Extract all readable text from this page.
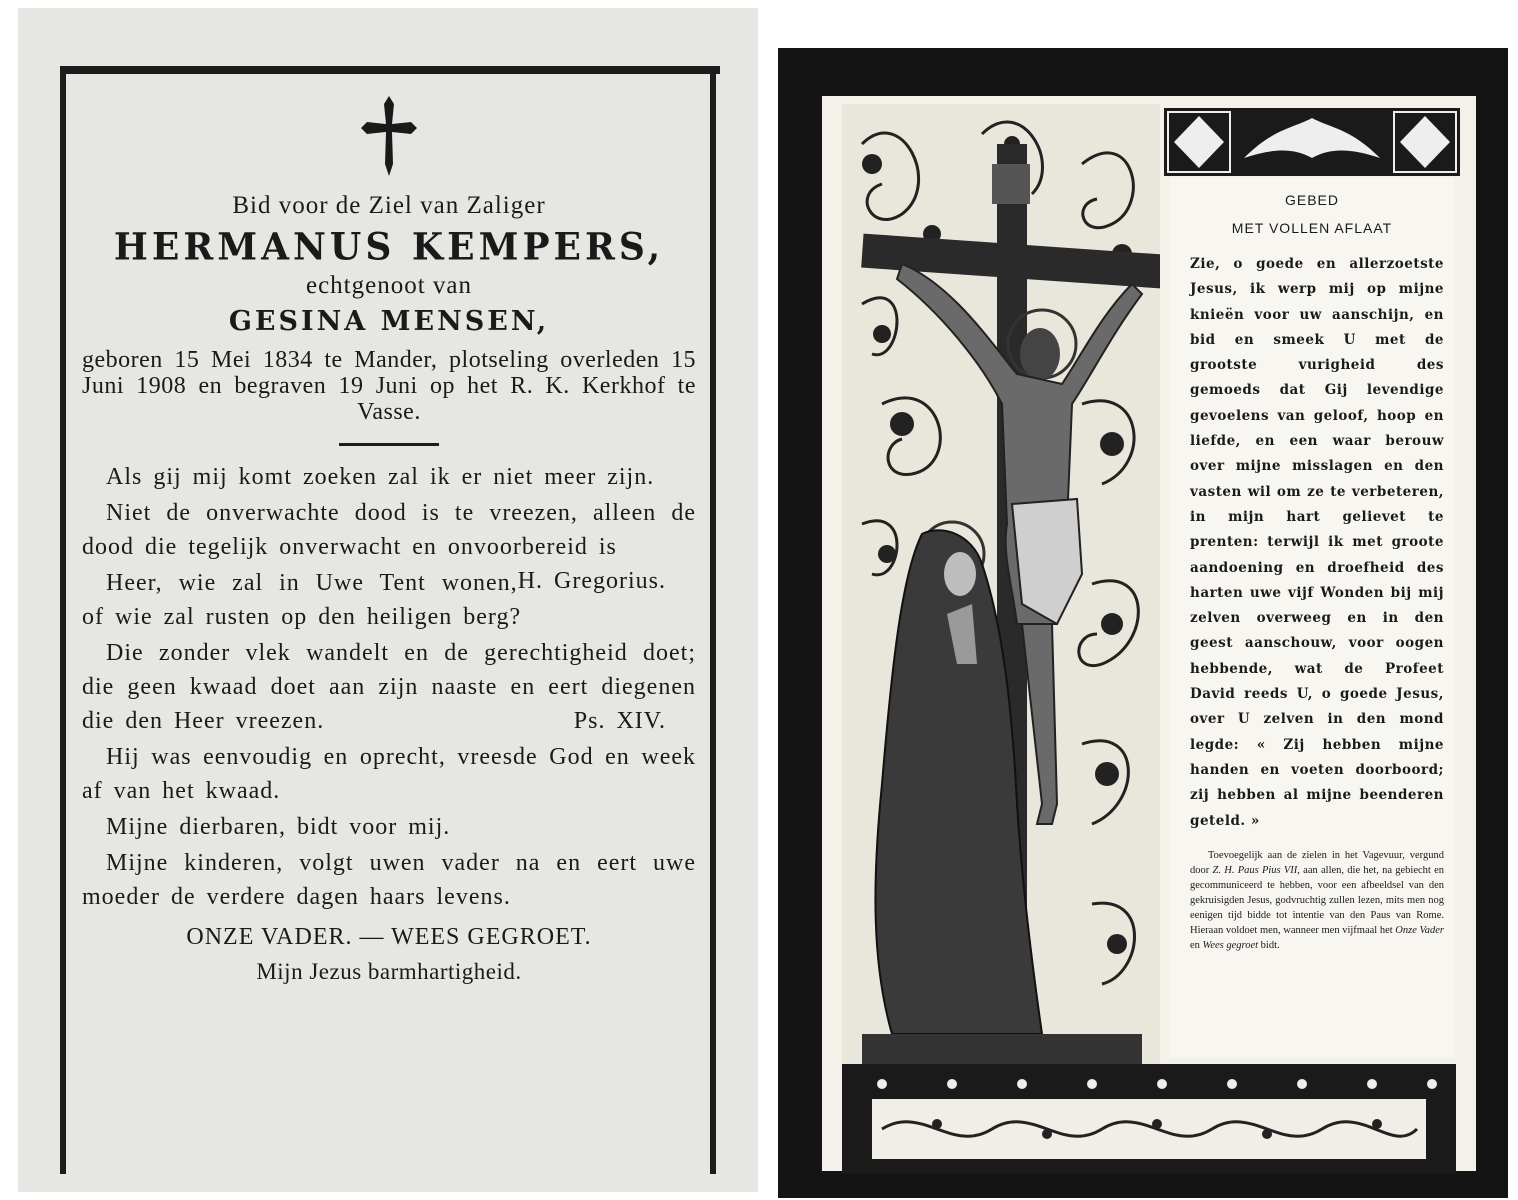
Bid voor de Ziel van Zaliger
HERMANUS KEMPERS,
echtgenoot van
GESINA MENSEN,
geboren 15 Mei 1834 te Mander, plotseling overleden 15 Juni 1908 en begraven 19 Juni op het R. K. Kerkhof te Vasse.
Als gij mij komt zoeken zal ik er niet meer zijn.
Niet de onverwachte dood is te vreezen, alleen de dood die tegelijk onverwacht en onvoorbereid is
H. Gregorius.
Heer, wie zal in Uwe Tent wonen, of wie zal rusten op den heiligen berg?
Die zonder vlek wandelt en de gerechtigheid doet; die geen kwaad doet aan zijn naaste en eert diegenen die den Heer vreezen.	Ps. XIV.
Hij was eenvoudig en oprecht, vreesde God en week af van het kwaad.
Mijne dierbaren, bidt voor mij.
Mijne kinderen, volgt uwen vader na en eert uwe moeder de verdere dagen haars levens.
ONZE VADER. — WEES GEGROET.
Mijn Jezus barmhartigheid.
GEBED
MET VOLLEN AFLAAT
Zie, o goede en allerzoetste Jesus, ik werp mij op mijne knieën voor uw aanschijn, en bid en smeek U met de grootste vurigheid des gemoeds dat Gij levendige gevoelens van geloof, hoop en liefde, en een waar berouw over mijne misslagen en den vasten wil om ze te verbeteren, in mijn hart gelievet te prenten: terwijl ik met groote aandoening en droefheid des harten uwe vijf Wonden bij mij zelven overweeg en in den geest aanschouw, voor oogen hebbende, wat de Profeet David reeds U, o goede Jesus, over U zelven in den mond legde: « Zij hebben mijne handen en voeten doorboord; zij hebben al mijne beenderen geteld. »
Toevoegelijk aan de zielen in het Vagevuur, vergund door Z. H. Paus Pius VII, aan allen, die het, na gebiecht en gecommuniceerd te hebben, voor een afbeeldsel van den gekruisigden Jesus, godvruchtig zullen lezen, mits men nog eenigen tijd bidde tot intentie van den Paus van Rome. Hieraan voldoet men, wanneer men vijfmaal het Onze Vader en Wees gegroet bidt.
